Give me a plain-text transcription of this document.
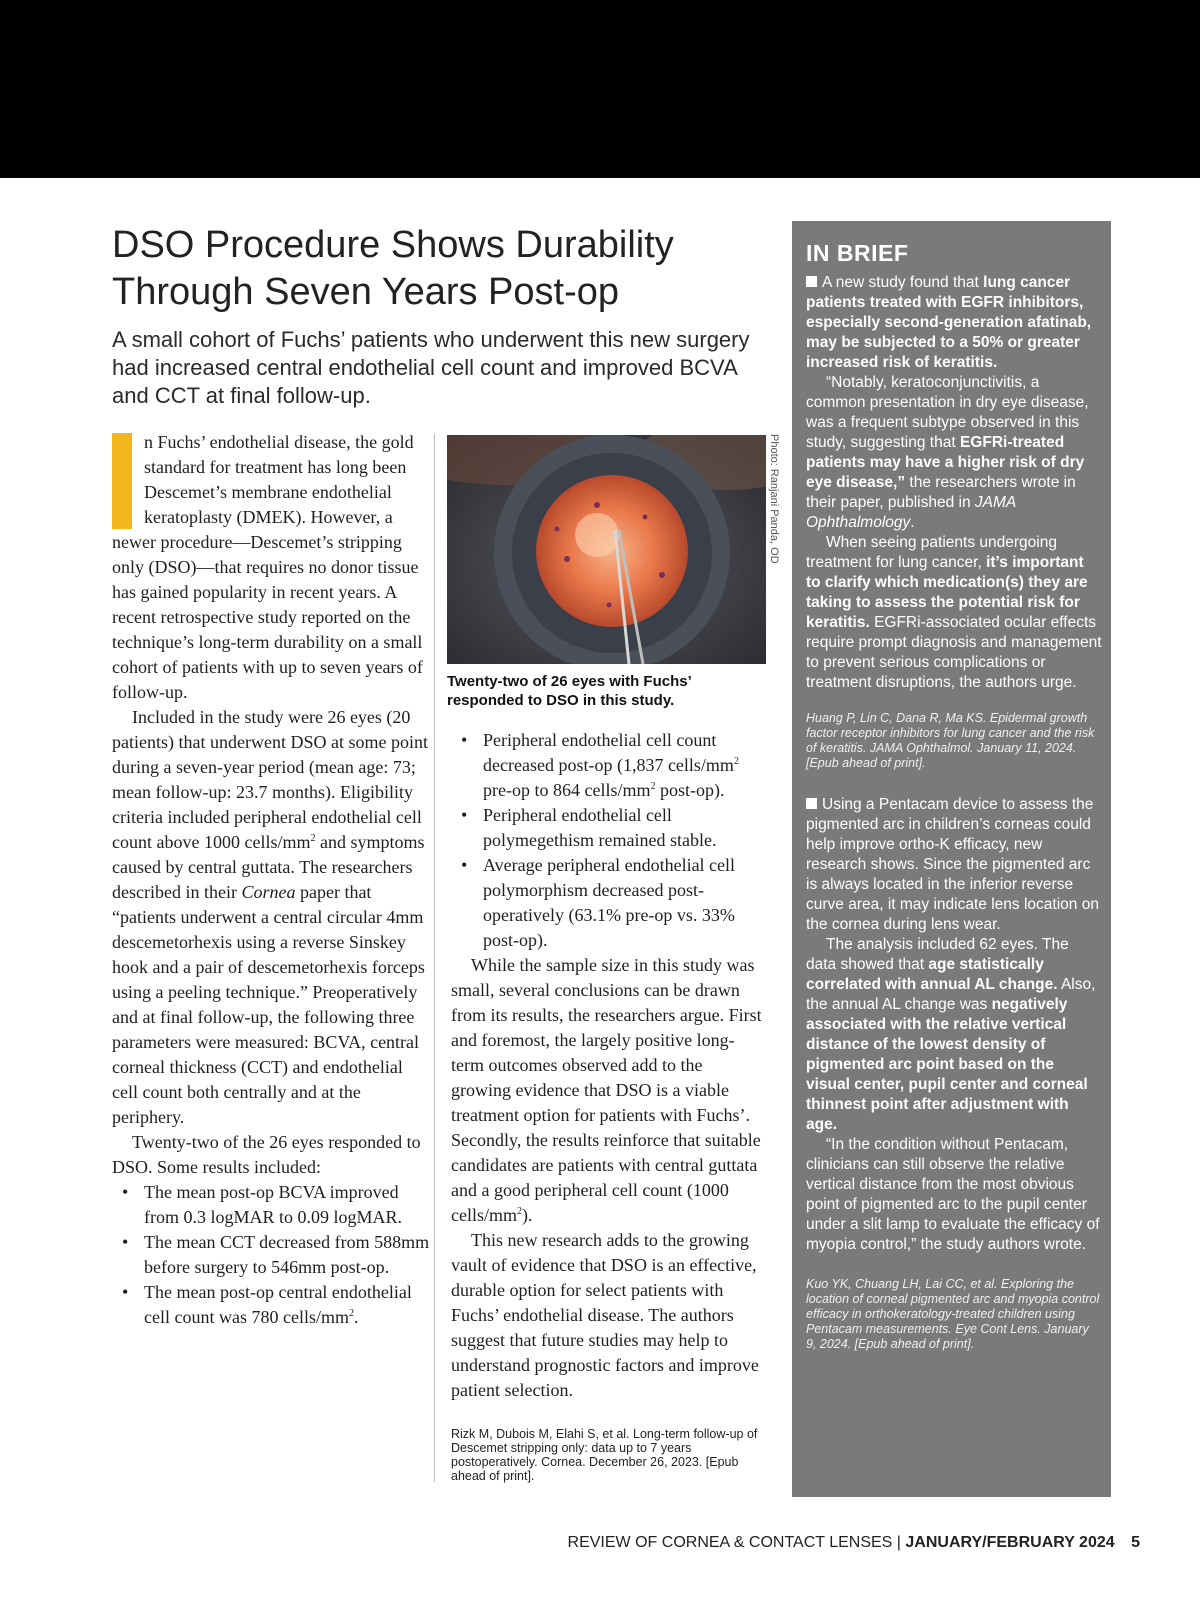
DSO Procedure Shows Durability Through Seven Years Post-op

A small cohort of Fuchs’ patients who underwent this new surgery had increased central endothelial cell count and improved BCVA and CCT at final follow-up.

n Fuchs’ endothelial disease, the gold standard for treatment has long been Descemet’s membrane endothelial keratoplasty (DMEK). However, a newer procedure—Descemet’s stripping only (DSO)—that requires no donor tissue has gained popularity in recent years. A recent retrospective study reported on the technique’s long-term durability on a small cohort of patients with up to seven years of follow-up.

Included in the study were 26 eyes (20 patients) that underwent DSO at some point during a seven-year period (mean age: 73; mean follow-up: 23.7 months). Eligibility criteria included peripheral endothelial cell count above 1000 cells/$mm^2$ and symptoms caused by central guttata. The researchers described in their Cornea paper that “patients underwent a central circular 4mm descemetorhexis using a reverse Sinskey hook and a pair of descemetorhexis forceps using a peeling technique.” Preoperatively and at final follow-up, the following three parameters were measured: BCVA, central corneal thickness (CCT) and endothelial cell count both centrally and at the periphery.

Twenty-two of the 26 eyes responded to DSO. Some results included:

• The mean post-op BCVA improved from 0.3 logMAR to 0.09 logMAR.
• The mean CCT decreased from 588mm before surgery to 546mm post-op.
• The mean post-op central endothelial cell count was 780 cells/$mm^2$.
Photo: Ranjani Panda, OD

Twenty-two of 26 eyes with Fuchs’ responded to DSO in this study.

• Peripheral endothelial cell count decreased post-op (1,837 cells/$mm^2$ pre-op to 864 cells/$mm^2$ post-op).
• Peripheral endothelial cell polymegethism remained stable.
• Average peripheral endothelial cell polymorphism decreased post-operatively (63.1% pre-op vs. 33% post-op).

While the sample size in this study was small, several conclusions can be drawn from its results, the researchers argue. First and foremost, the largely positive long-term outcomes observed add to the growing evidence that DSO is a viable treatment option for patients with Fuchs’. Secondly, the results reinforce that suitable candidates are patients with central guttata and a good peripheral cell count (1000 cells/$mm^2$).

This new research adds to the growing vault of evidence that DSO is an effective, durable option for select patients with Fuchs’ endothelial disease. The authors suggest that future studies may help to understand prognostic factors and improve patient selection.

Rizk M, Dubois M, Elahi S, et al. Long-term follow-up of Descemet stripping only: data up to 7 years postoperatively. Cornea. December 26, 2023. [Epub ahead of print].

IN BRIEF

A new study found that lung cancer patients treated with EGFR inhibitors, especially second-generation afatinab, may be subjected to a 50% or greater increased risk of keratitis.

“Notably, keratoconjunctivitis, a common presentation in dry eye disease, was a frequent subtype observed in this study, suggesting that EGFRi-treated patients may have a higher risk of dry eye disease,” the researchers wrote in their paper, published in JAMA Ophthalmology.

When seeing patients undergoing treatment for lung cancer, it’s important to clarify which medication(s) they are taking to assess the potential risk for keratitis. EGFRi-associated ocular effects require prompt diagnosis and management to prevent serious complications or treatment disruptions, the authors urge.

Huang P, Lin C, Dana R, Ma KS. Epidermal growth factor receptor inhibitors for lung cancer and the risk of keratitis. JAMA Ophthalmol. January 11, 2024. [Epub ahead of print].

Using a Pentacam device to assess the pigmented arc in children’s corneas could help improve ortho-K efficacy, new research shows. Since the pigmented arc is always located in the inferior reverse curve area, it may indicate lens location on the cornea during lens wear.

The analysis included 62 eyes. The data showed that age statistically correlated with annual AL change. Also, the annual AL change was negatively associated with the relative vertical distance of the lowest density of pigmented arc point based on the visual center, pupil center and corneal thinnest point after adjustment with age.

“In the condition without Pentacam, clinicians can still observe the relative vertical distance from the most obvious point of pigmented arc to the pupil center under a slit lamp to evaluate the efficacy of myopia control,” the study authors wrote.

Kuo YK, Chuang LH, Lai CC, et al. Exploring the location of corneal pigmented arc and myopia control efficacy in orthokeratology-treated children using Pentacam measurements. Eye Cont Lens. January 9, 2024. [Epub ahead of print].

REVIEW OF CORNEA & CONTACT LENSES | JANUARY/FEBRUARY 2024 5
